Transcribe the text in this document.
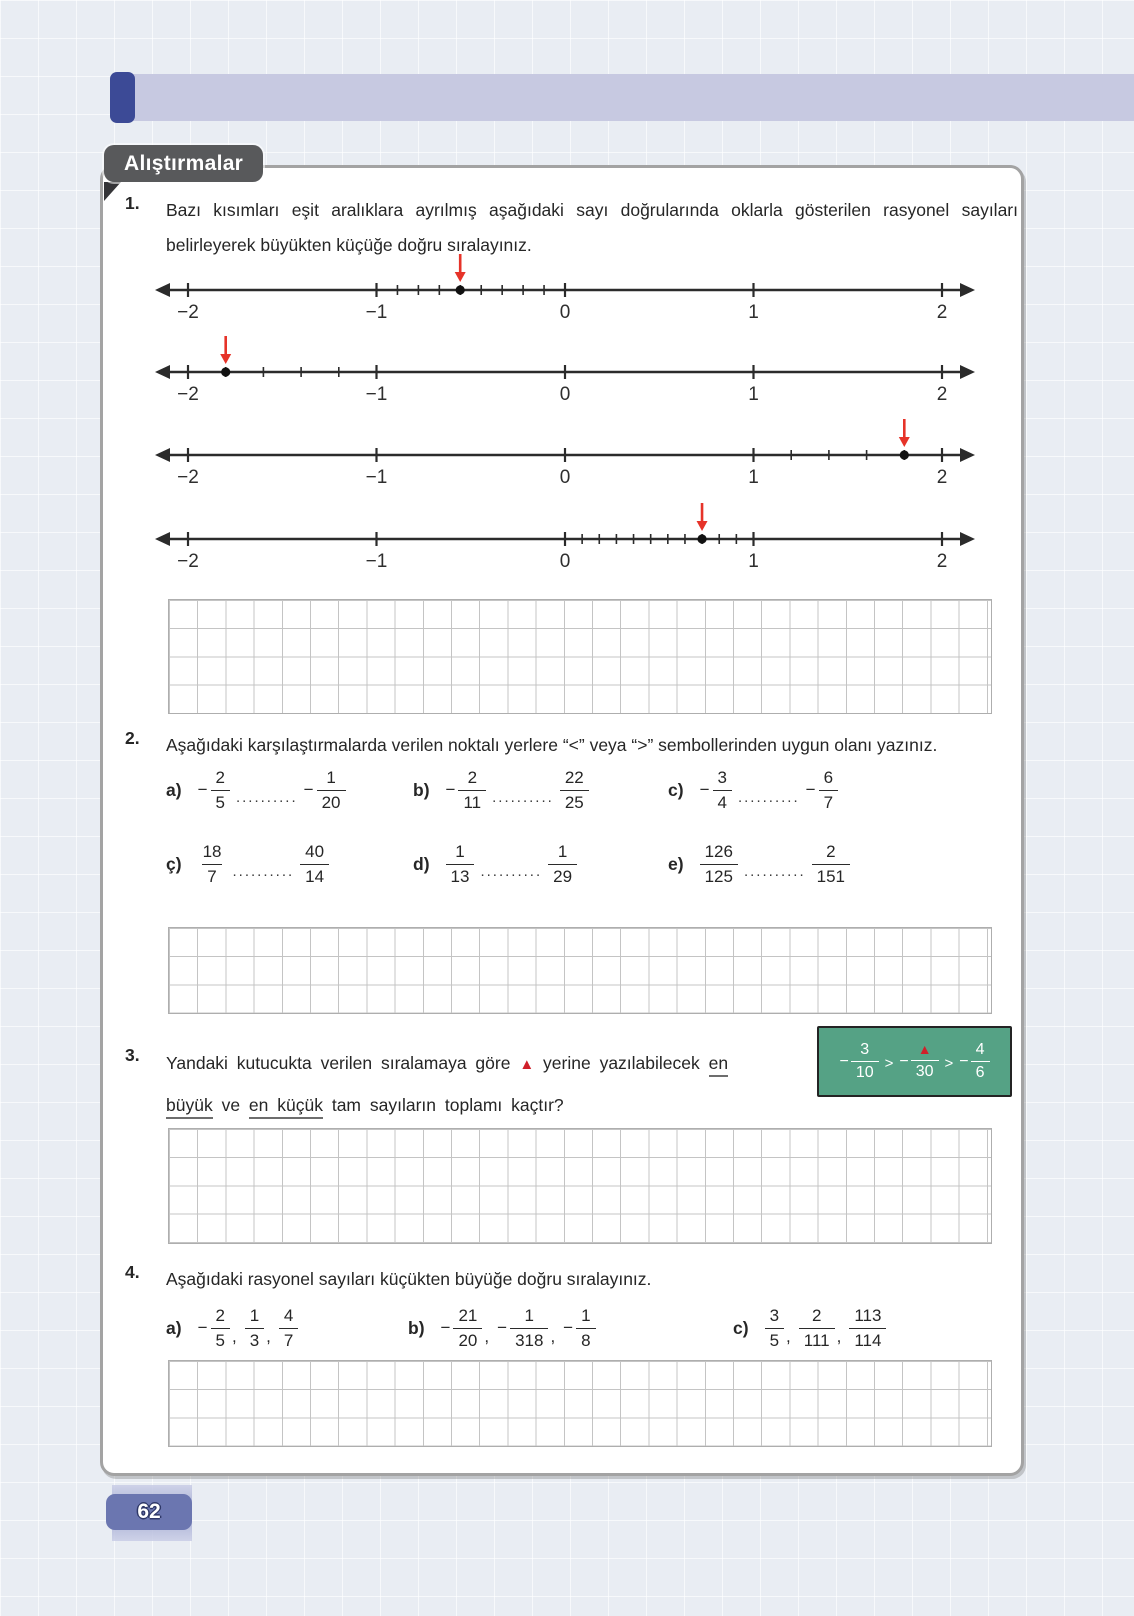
Alıştırmalar
1. Bazı kısımları eşit aralıklara ayrılmış aşağıdaki sayı doğrularında oklarla gösterilen rasyonel sayıları belirleyerek büyükten küçüğe doğru sıralayınız.
−2	−1	0	1	2
−2	−1	0	1	2
−2	−1	0	1	2
−2	−1	0	1	2
2. Aşağıdaki karşılaştırmalarda verilen noktalı yerlere “<” veya “>” sembollerinden uygun olanı yazınız.
$a) - \frac{2}{5}$ .......... − $\frac{1}{20}$	$b) - \frac{2}{11}$ .......... $\frac{22}{25}$	$c) - \frac{3}{4}$ .......... − $\frac{6}{7}$
ç) $\frac{18}{7}$ .......... $\frac{40}{14}$	$d) \frac{1}{13}$ .......... $\frac{1}{29}$	$e) \frac{126}{125}$ .......... $\frac{2}{151}$
3. Yandaki kutucukta verilen sıralamaya göre ▲ yerine yazılabilecek en
büyük ve en küçük tam sayıların toplamı kaçtır?
− $\frac{3}{10}$ > − $\frac{▲}{30}$ > − $\frac{4}{6}$
4. Aşağıdaki rasyonel sayıları küçükten büyüğe doğru sıralayınız.
$a) - \frac{2}{5}$ , $\frac{1}{3}$ , $\frac{4}{7}$	$b) - \frac{21}{20}$ , − $\frac{1}{318}$ , − $\frac{1}{8}$	$c) \frac{3}{5}$ , $\frac{2}{111}$ , $\frac{113}{114}$
62
